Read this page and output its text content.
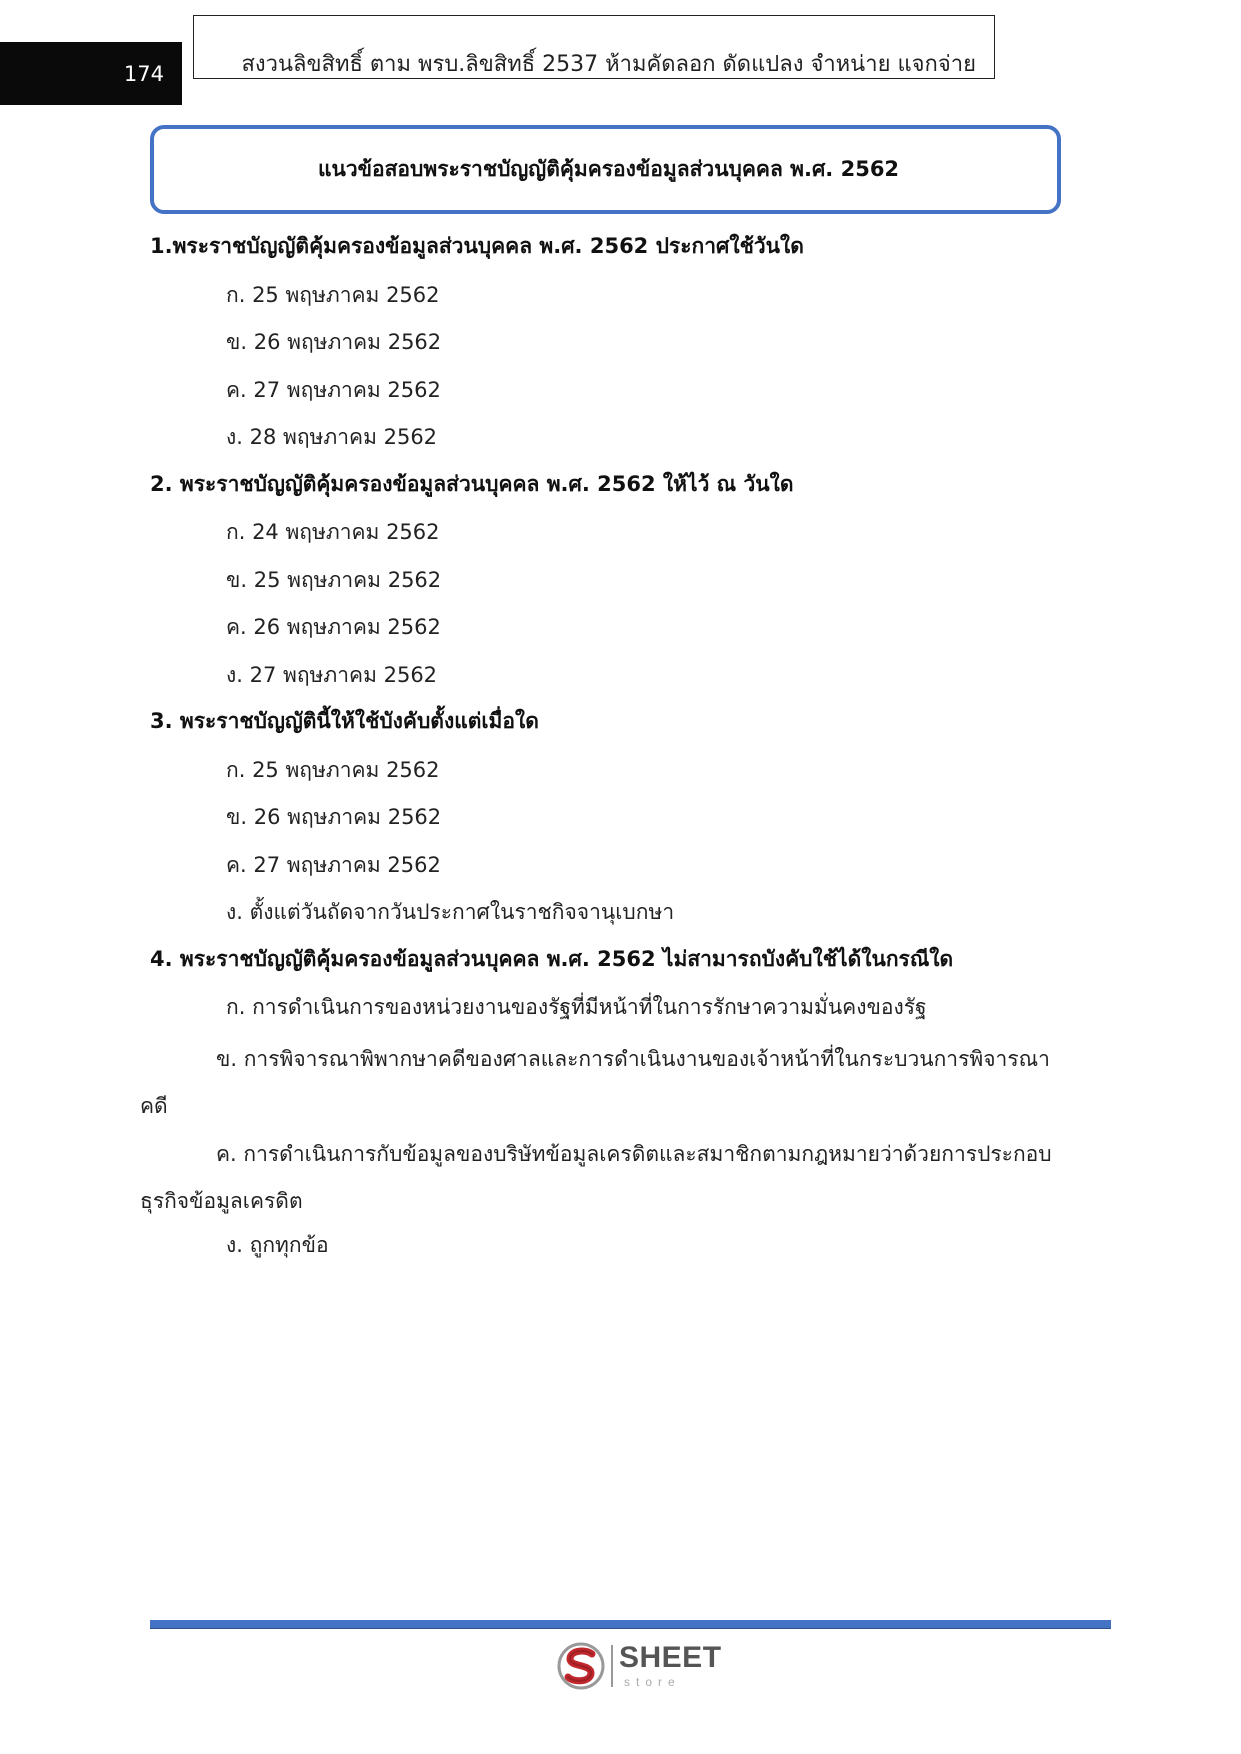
174	สงวนลิขสิทธิ์ ตาม พรบ.ลิขสิทธิ์ 2537 ห้ามคัดลอก ดัดแปลง จำหน่าย แจกจ่าย
แนวข้อสอบพระราชบัญญัติคุ้มครองข้อมูลส่วนบุคคล พ.ศ. 2562
1.พระราชบัญญัติคุ้มครองข้อมูลส่วนบุคคล พ.ศ. 2562 ประกาศใช้วันใด
ก. 25 พฤษภาคม 2562
ข. 26 พฤษภาคม 2562
ค. 27 พฤษภาคม 2562
ง. 28 พฤษภาคม 2562
2. พระราชบัญญัติคุ้มครองข้อมูลส่วนบุคคล พ.ศ. 2562 ให้ไว้ ณ วันใด
ก. 24 พฤษภาคม 2562
ข. 25 พฤษภาคม 2562
ค. 26 พฤษภาคม 2562
ง. 27 พฤษภาคม 2562
3. พระราชบัญญัตินี้ให้ใช้บังคับตั้งแต่เมื่อใด
ก. 25 พฤษภาคม 2562
ข. 26 พฤษภาคม 2562
ค. 27 พฤษภาคม 2562
ง. ตั้งแต่วันถัดจากวันประกาศในราชกิจจานุเบกษา
4. พระราชบัญญัติคุ้มครองข้อมูลส่วนบุคคล พ.ศ. 2562 ไม่สามารถบังคับใช้ได้ในกรณีใด
ก. การดำเนินการของหน่วยงานของรัฐที่มีหน้าที่ในการรักษาความมั่นคงของรัฐ
ข. การพิจารณาพิพากษาคดีของศาลและการดำเนินงานของเจ้าหน้าที่ในกระบวนการพิจารณาคดี
ค. การดำเนินการกับข้อมูลของบริษัทข้อมูลเครดิตและสมาชิกตามกฎหมายว่าด้วยการประกอบธุรกิจข้อมูลเครดิต
ง. ถูกทุกข้อ
SHEET
store
